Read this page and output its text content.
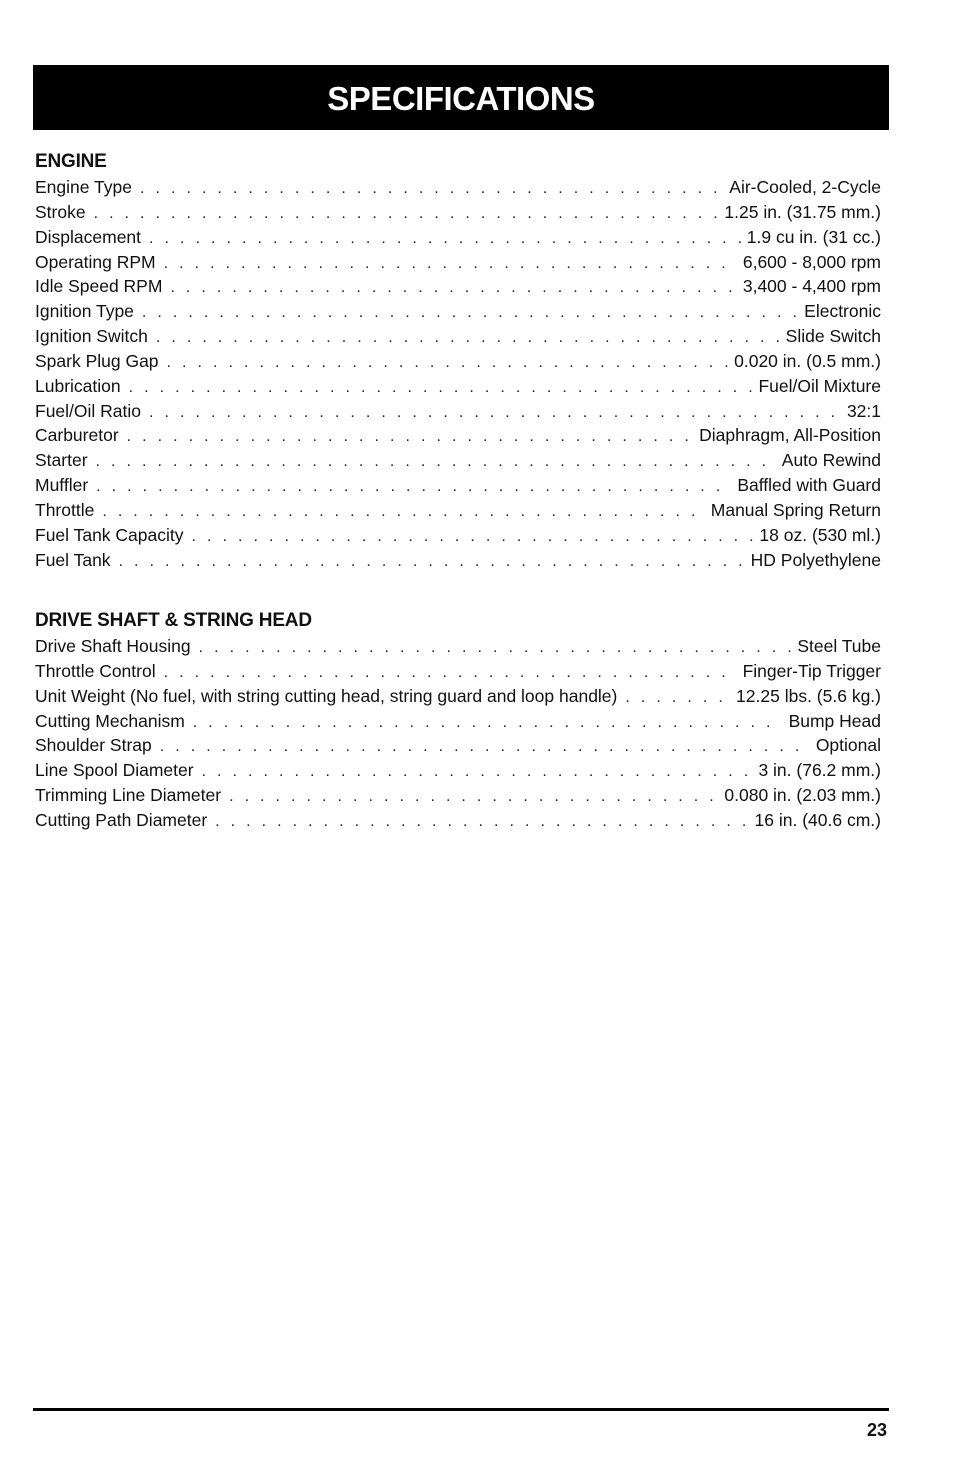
SPECIFICATIONS
ENGINE
Engine Type . . .	Air-Cooled, 2-Cycle
Stroke . . .	1.25 in. (31.75 mm.)
Displacement . . .	1.9 cu in. (31 cc.)
Operating RPM . . .	6,600 - 8,000 rpm
Idle Speed RPM . . .	3,400 - 4,400 rpm
Ignition Type . . .	Electronic
Ignition Switch . . .	Slide Switch
Spark Plug Gap . . .	0.020 in. (0.5 mm.)
Lubrication . . .	Fuel/Oil Mixture
Fuel/Oil Ratio . . .	32:1
Carburetor . . .	Diaphragm, All-Position
Starter . . .	Auto Rewind
Muffler . . .	Baffled with Guard
Throttle . . .	Manual Spring Return
Fuel Tank Capacity . . .	18 oz. (530 ml.)
Fuel Tank . . .	HD Polyethylene
DRIVE SHAFT & STRING HEAD
Drive Shaft Housing . . .	Steel Tube
Throttle Control . . .	Finger-Tip Trigger
Unit Weight (No fuel, with string cutting head, string guard and loop handle) . . .	12.25 lbs. (5.6 kg.)
Cutting Mechanism . . .	Bump Head
Shoulder Strap . . .	Optional
Line Spool Diameter . . .	3 in. (76.2 mm.)
Trimming Line Diameter . . .	0.080 in. (2.03 mm.)
Cutting Path Diameter . . .	16 in. (40.6 cm.)
23
